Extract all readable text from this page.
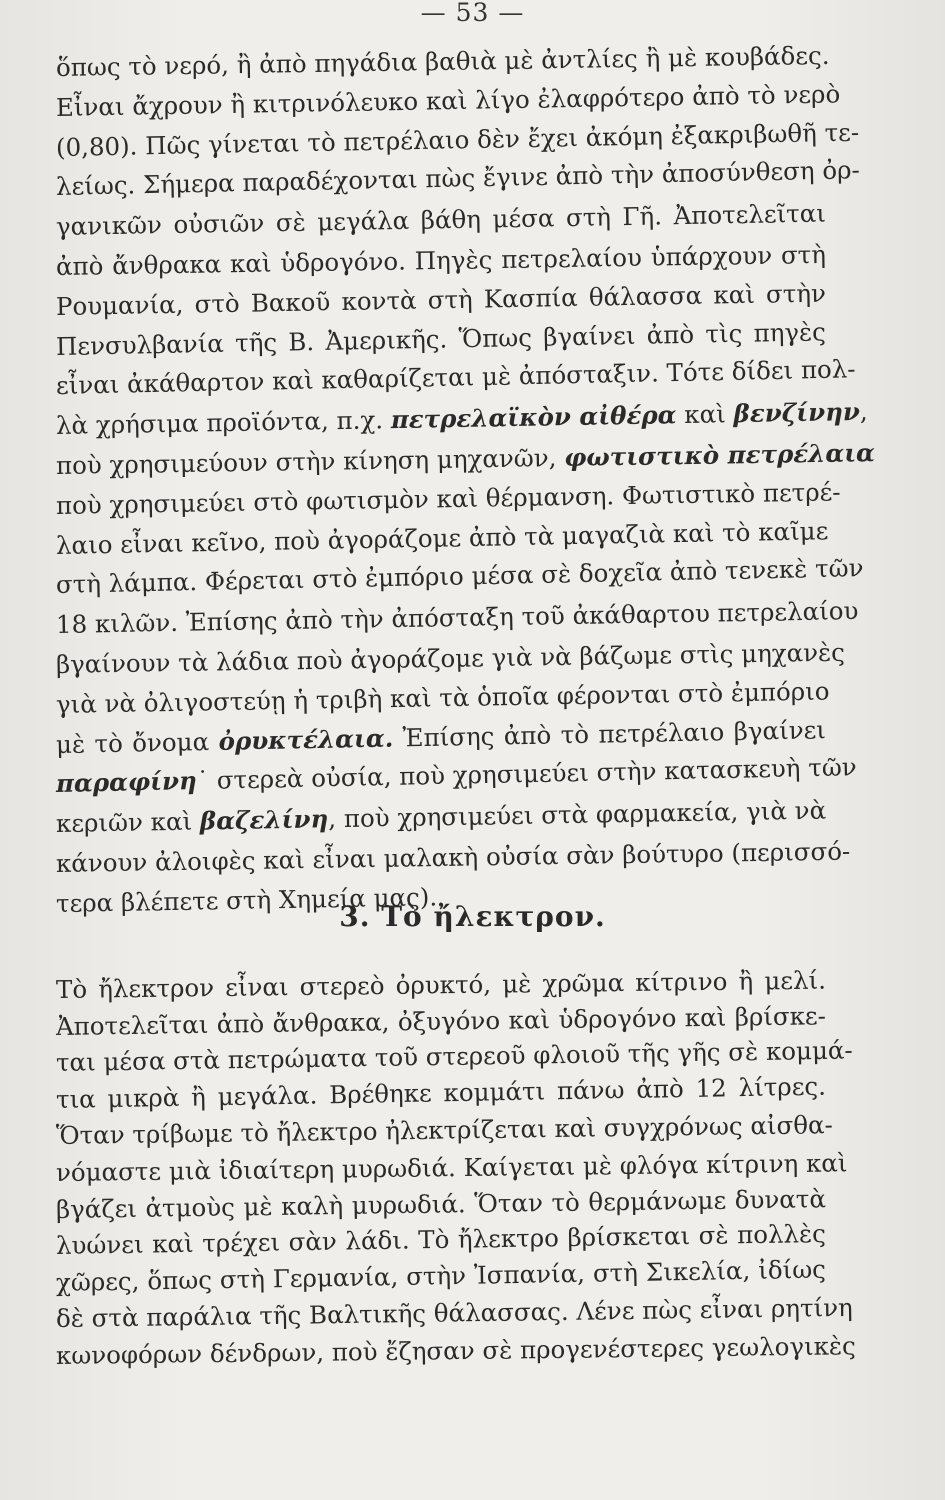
— 53 —
ὅπως τὸ νερό, ἢ ἀπὸ πηγάδια βαθιὰ μὲ ἀντλίες ἢ μὲ κουβάδες.
Εἶναι ἄχρουν ἢ κιτρινόλευκο καὶ λίγο ἐλαφρότερο ἀπὸ τὸ νερὸ
(0,80). Πῶς γίνεται τὸ πετρέλαιο δὲν ἔχει ἀκόμη ἐξακριβωθῆ τε-
λείως. Σήμερα παραδέχονται πὼς ἔγινε ἀπὸ τὴν ἀποσύνθεση ὀρ-
γανικῶν οὐσιῶν σὲ μεγάλα βάθη μέσα στὴ Γῆ. Ἀποτελεῖται
ἀπὸ ἄνθρακα καὶ ὑδρογόνο. Πηγὲς πετρελαίου ὑπάρχουν στὴ
Ρουμανία, στὸ Βακοῦ κοντὰ στὴ Κασπία θάλασσα καὶ στὴν
Πενσυλβανία τῆς Β. Ἀμερικῆς. Ὅπως βγαίνει ἀπὸ τὶς πηγὲς
εἶναι ἀκάθαρτον καὶ καθαρίζεται μὲ ἀπόσταξιν. Τότε δίδει πολ-
λὰ χρήσιμα προϊόντα, π.χ. πετρελαϊκὸν αἰθέρα καὶ βενζίνην,
ποὺ χρησιμεύουν στὴν κίνηση μηχανῶν, φωτιστικὸ πετρέλαια
ποὺ χρησιμεύει στὸ φωτισμὸν καὶ θέρμανση. Φωτιστικὸ πετρέ-
λαιο εἶναι κεῖνο, ποὺ ἀγοράζομε ἀπὸ τὰ μαγαζιὰ καὶ τὸ καῖμε
στὴ λάμπα. Φέρεται στὸ ἐμπόριο μέσα σὲ δοχεῖα ἀπὸ τενεκὲ τῶν
18 κιλῶν. Ἐπίσης ἀπὸ τὴν ἀπόσταξη τοῦ ἀκάθαρτου πετρελαίου
βγαίνουν τὰ λάδια ποὺ ἀγοράζομε γιὰ νὰ βάζωμε στὶς μηχανὲς
γιὰ νὰ ὀλιγοστεύῃ ἡ τριβὴ καὶ τὰ ὁποῖα φέρονται στὸ ἐμπόριο
μὲ τὸ ὄνομα ὀρυκτέλαια. Ἐπίσης ἀπὸ τὸ πετρέλαιο βγαίνει
παραφίνη˙ στερεὰ οὐσία, ποὺ χρησιμεύει στὴν κατασκευὴ τῶν
κεριῶν καὶ βαζελίνη, ποὺ χρησιμεύει στὰ φαρμακεία, γιὰ νὰ
κάνουν ἀλοιφὲς καὶ εἶναι μαλακὴ οὐσία σὰν βούτυρο (περισσό-
τερα βλέπετε στὴ Χημεία μας).
3. Τὸ ἤλεκτρον.
Τὸ ἤλεκτρον εἶναι στερεὸ ὀρυκτό, μὲ χρῶμα κίτρινο ἢ μελί.
Ἀποτελεῖται ἀπὸ ἄνθρακα, ὀξυγόνο καὶ ὑδρογόνο καὶ βρίσκε-
ται μέσα στὰ πετρώματα τοῦ στερεοῦ φλοιοῦ τῆς γῆς σὲ κομμά-
τια μικρὰ ἢ μεγάλα. Βρέθηκε κομμάτι πάνω ἀπὸ 12 λίτρες.
Ὅταν τρίβωμε τὸ ἤλεκτρο ἠλεκτρίζεται καὶ συγχρόνως αἰσθα-
νόμαστε μιὰ ἰδιαίτερη μυρωδιά. Καίγεται μὲ φλόγα κίτρινη καὶ
βγάζει ἀτμοὺς μὲ καλὴ μυρωδιά. Ὅταν τὸ θερμάνωμε δυνατὰ
λυώνει καὶ τρέχει σὰν λάδι. Τὸ ἤλεκτρο βρίσκεται σὲ πολλὲς
χῶρες, ὅπως στὴ Γερμανία, στὴν Ἰσπανία, στὴ Σικελία, ἰδίως
δὲ στὰ παράλια τῆς Βαλτικῆς θάλασσας. Λένε πὼς εἶναι ρητίνη
κωνοφόρων δένδρων, ποὺ ἔζησαν σὲ προγενέστερες γεωλογικὲς
